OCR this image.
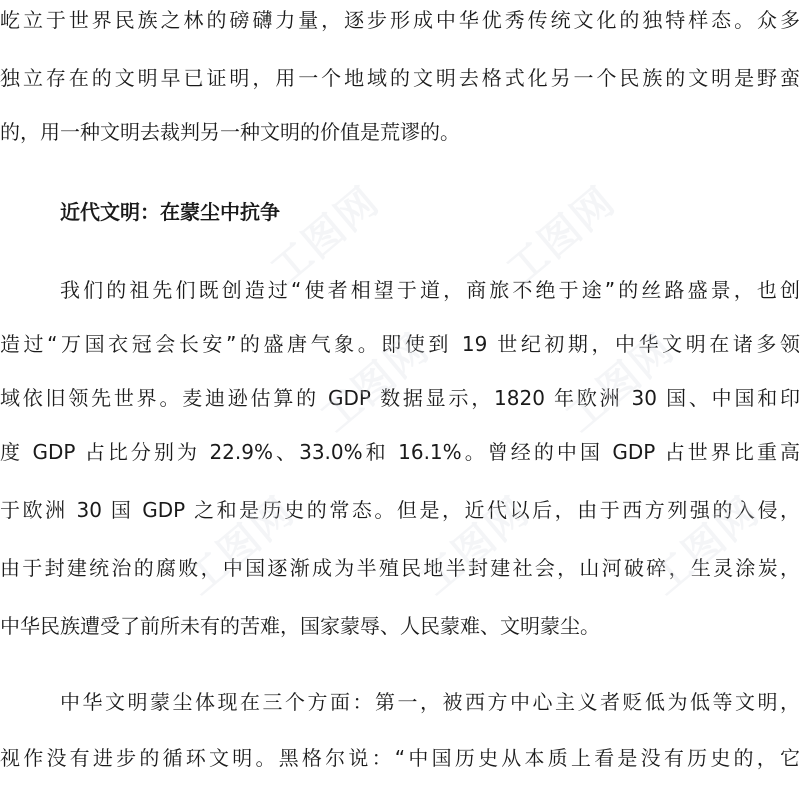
屹立于世界民族之林的磅礴力量，逐步形成中华优秀传统文化的独特样态。众多
独立存在的文明早已证明，用一个地域的文明去格式化另一个民族的文明是野蛮
的，用一种文明去裁判另一种文明的价值是荒谬的。
近代文明：在蒙尘中抗争
我们的祖先们既创造过“使者相望于道，商旅不绝于途”的丝路盛景，也创
造过“万国衣冠会长安”的盛唐气象。即使到 19 世纪初期，中华文明在诸多领
域依旧领先世界。麦迪逊估算的 GDP 数据显示，1820 年欧洲 30 国、中国和印
度 GDP 占比分别为 22.9%、33.0%和 16.1%。曾经的中国 GDP 占世界比重高
于欧洲 30 国 GDP 之和是历史的常态。但是，近代以后，由于西方列强的入侵，
由于封建统治的腐败，中国逐渐成为半殖民地半封建社会，山河破碎，生灵涂炭，
中华民族遭受了前所未有的苦难，国家蒙辱、人民蒙难、文明蒙尘。
中华文明蒙尘体现在三个方面：第一，被西方中心主义者贬低为低等文明，
视作没有进步的循环文明。黑格尔说：“中国历史从本质上看是没有历史的，它
工图网	工图网
工图网	工图网
工图网	工图网	工图网
